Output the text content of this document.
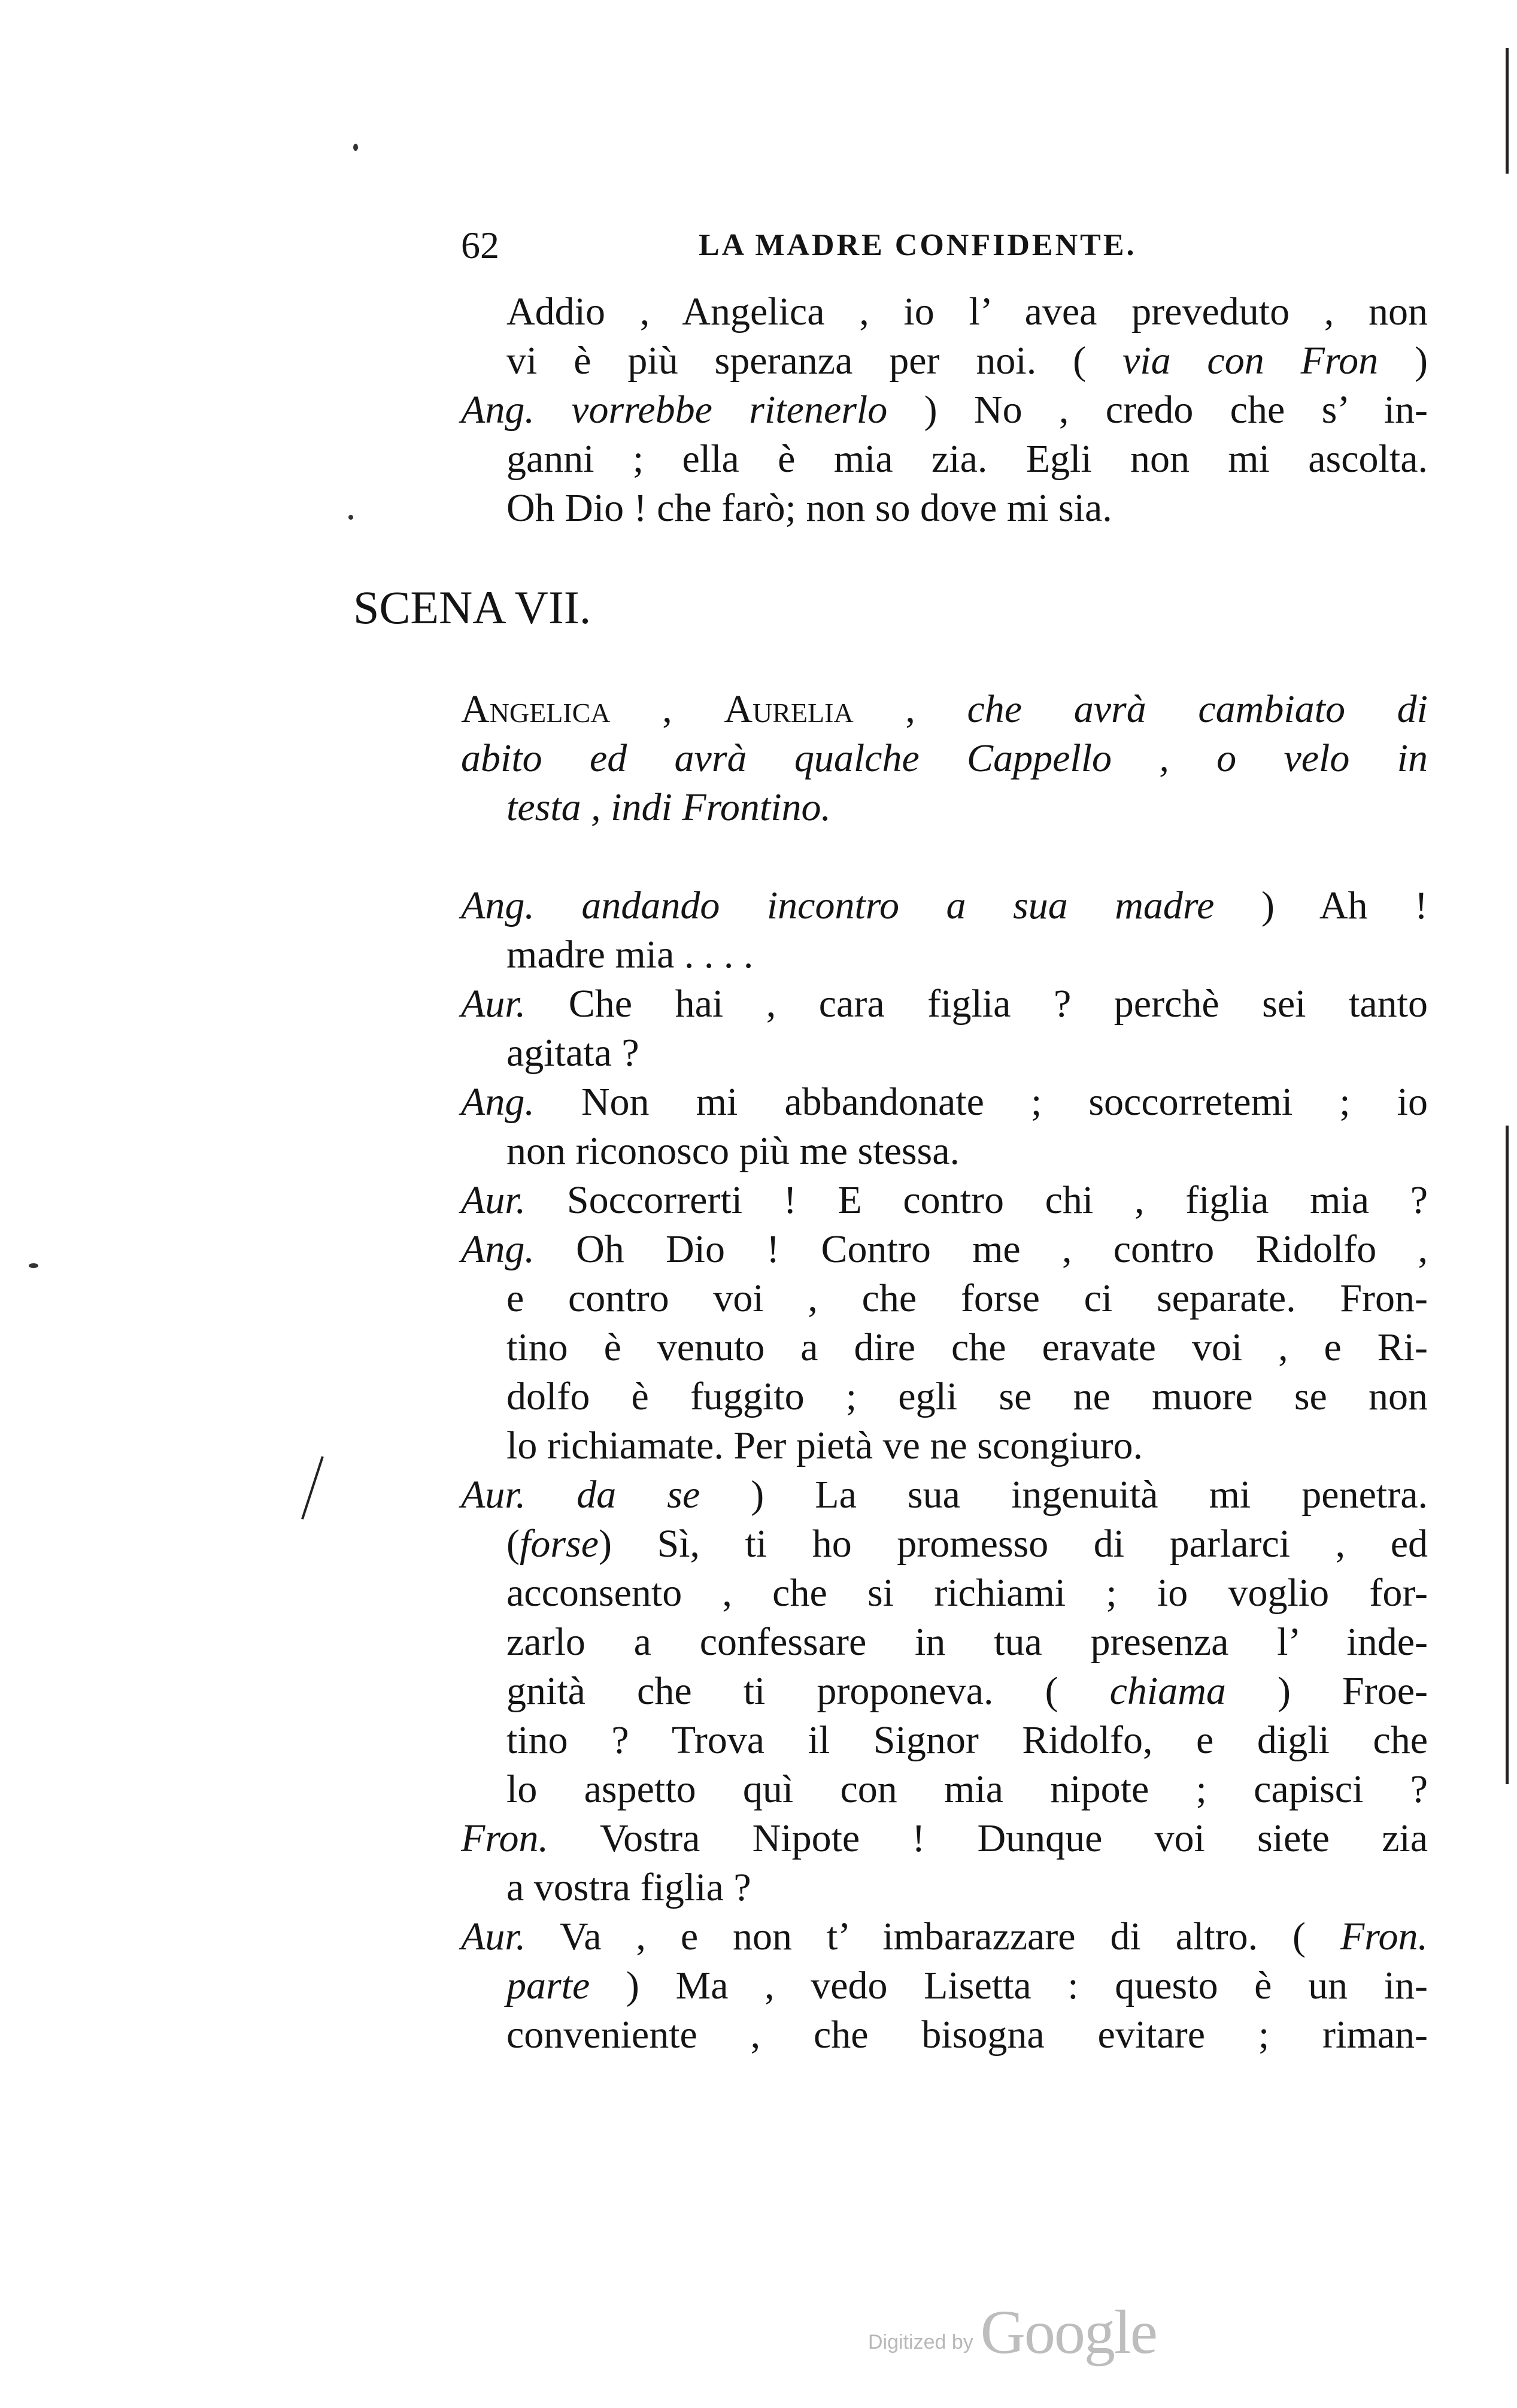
62	LA MADRE CONFIDENTE.
SCENA VII.
Addio , Angelica , io l’ avea preveduto , non
vi è più speranza per noi. ( via con Fron )
Ang. vorrebbe ritenerlo ) No , credo che s’ in-
ganni ; ella è mia zia. Egli non mi ascolta.
Oh Dio ! che farò; non so dove mi sia.
Angelica , Aurelia , che avrà cambiato di
abito ed avrà qualche Cappello , o velo in
testa , indi Frontino.
Ang. andando incontro a sua madre ) Ah !
madre mia . . . .
Aur. Che hai , cara figlia ? perchè sei tanto
agitata ?
Ang. Non mi abbandonate ; soccorretemi ; io
non riconosco più me stessa.
Aur. Soccorrerti ! E contro chi , figlia mia ?
Ang. Oh Dio ! Contro me , contro Ridolfo ,
e contro voi , che forse ci separate. Fron-
tino è venuto a dire che eravate voi , e Ri-
dolfo è fuggito ; egli se ne muore se non
lo richiamate. Per pietà ve ne scongiuro.
Aur. da se ) La sua ingenuità mi penetra.
(forse) Sì, ti ho promesso di parlarci , ed
acconsento , che si richiami ; io voglio for-
zarlo a confessare in tua presenza l’ inde-
gnità che ti proponeva. ( chiama ) Froe-
tino ? Trova il Signor Ridolfo, e digli che
lo aspetto quì con mia nipote ; capisci ?
Fron. Vostra Nipote ! Dunque voi siete zia
a vostra figlia ?
Aur. Va , e non t’ imbarazzare di altro. ( Fron.
parte ) Ma , vedo Lisetta : questo è un in-
conveniente , che bisogna evitare ; riman-
Digitized by Google
